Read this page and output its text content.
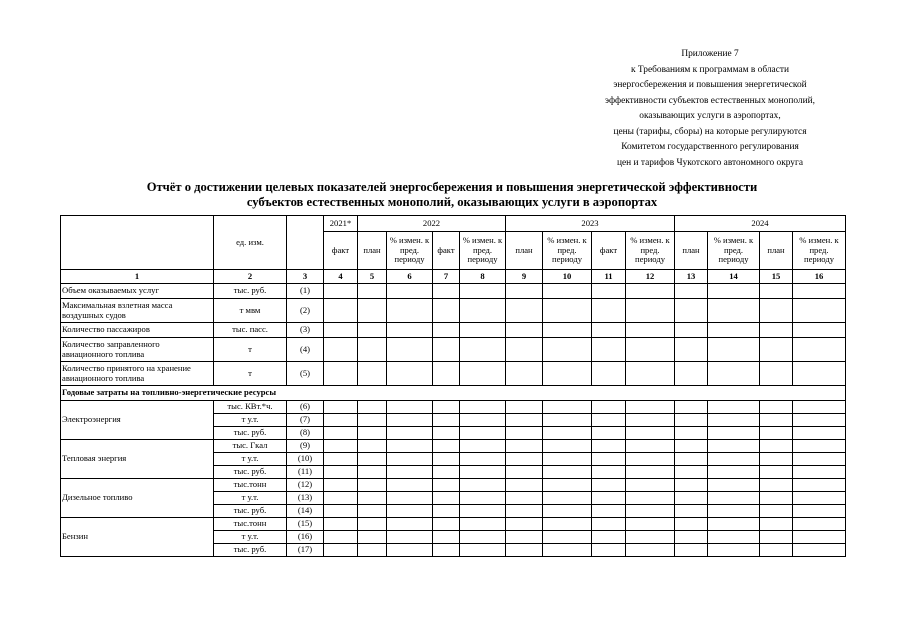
Приложение 7
к Требованиям к программам в области
энергосбережения и повышения энергетической
эффективности субъектов естественных монополий,
оказывающих услуги в аэропортах,
цены (тарифы, сборы) на которые регулируются
Комитетом государственного регулирования
цен и тарифов Чукотского автономного округа
Отчёт о достижении целевых показателей энергосбережения и повышения энергетической эффективности
субъектов естественных монополий, оказывающих услуги в аэропортах
	ед. изм.		2021*	2022				2023				2024			
			факт	план	% измен. к пред. периоду	факт	% измен. к пред. периоду	план	% измен. к пред. периоду	факт	% измен. к пред. периоду	план	% измен. к пред. периоду	план	% измен. к пред. периоду
1	2	3	4	5	6	7	8	9	10	11	12	13	14	15	16
Объем оказываемых услуг	тыс. руб.	(1)													
Максимальная взлетная масса воздушных судов	т мвм	(2)													
Количество пассажиров	тыс. пасс.	(3)													
Количество заправленного авиационного топлива	т	(4)													
Количество принятого на хранение авиационного топлива	т	(5)													
Годовые затраты на топливно-энергетические ресурсы															
Электроэнергия	тыс. КВт.*ч.	(6)													
	т у.т.	(7)													
	тыс. руб.	(8)													
Тепловая энергия	тыс. Гкал	(9)													
	т у.т.	(10)													
	тыс. руб.	(11)													
Дизельное топливо	тыс.тонн	(12)													
	т у.т.	(13)													
	тыс. руб.	(14)													
Бензин	тыс.тонн	(15)													
	т у.т.	(16)													
	тыс. руб.	(17)													
